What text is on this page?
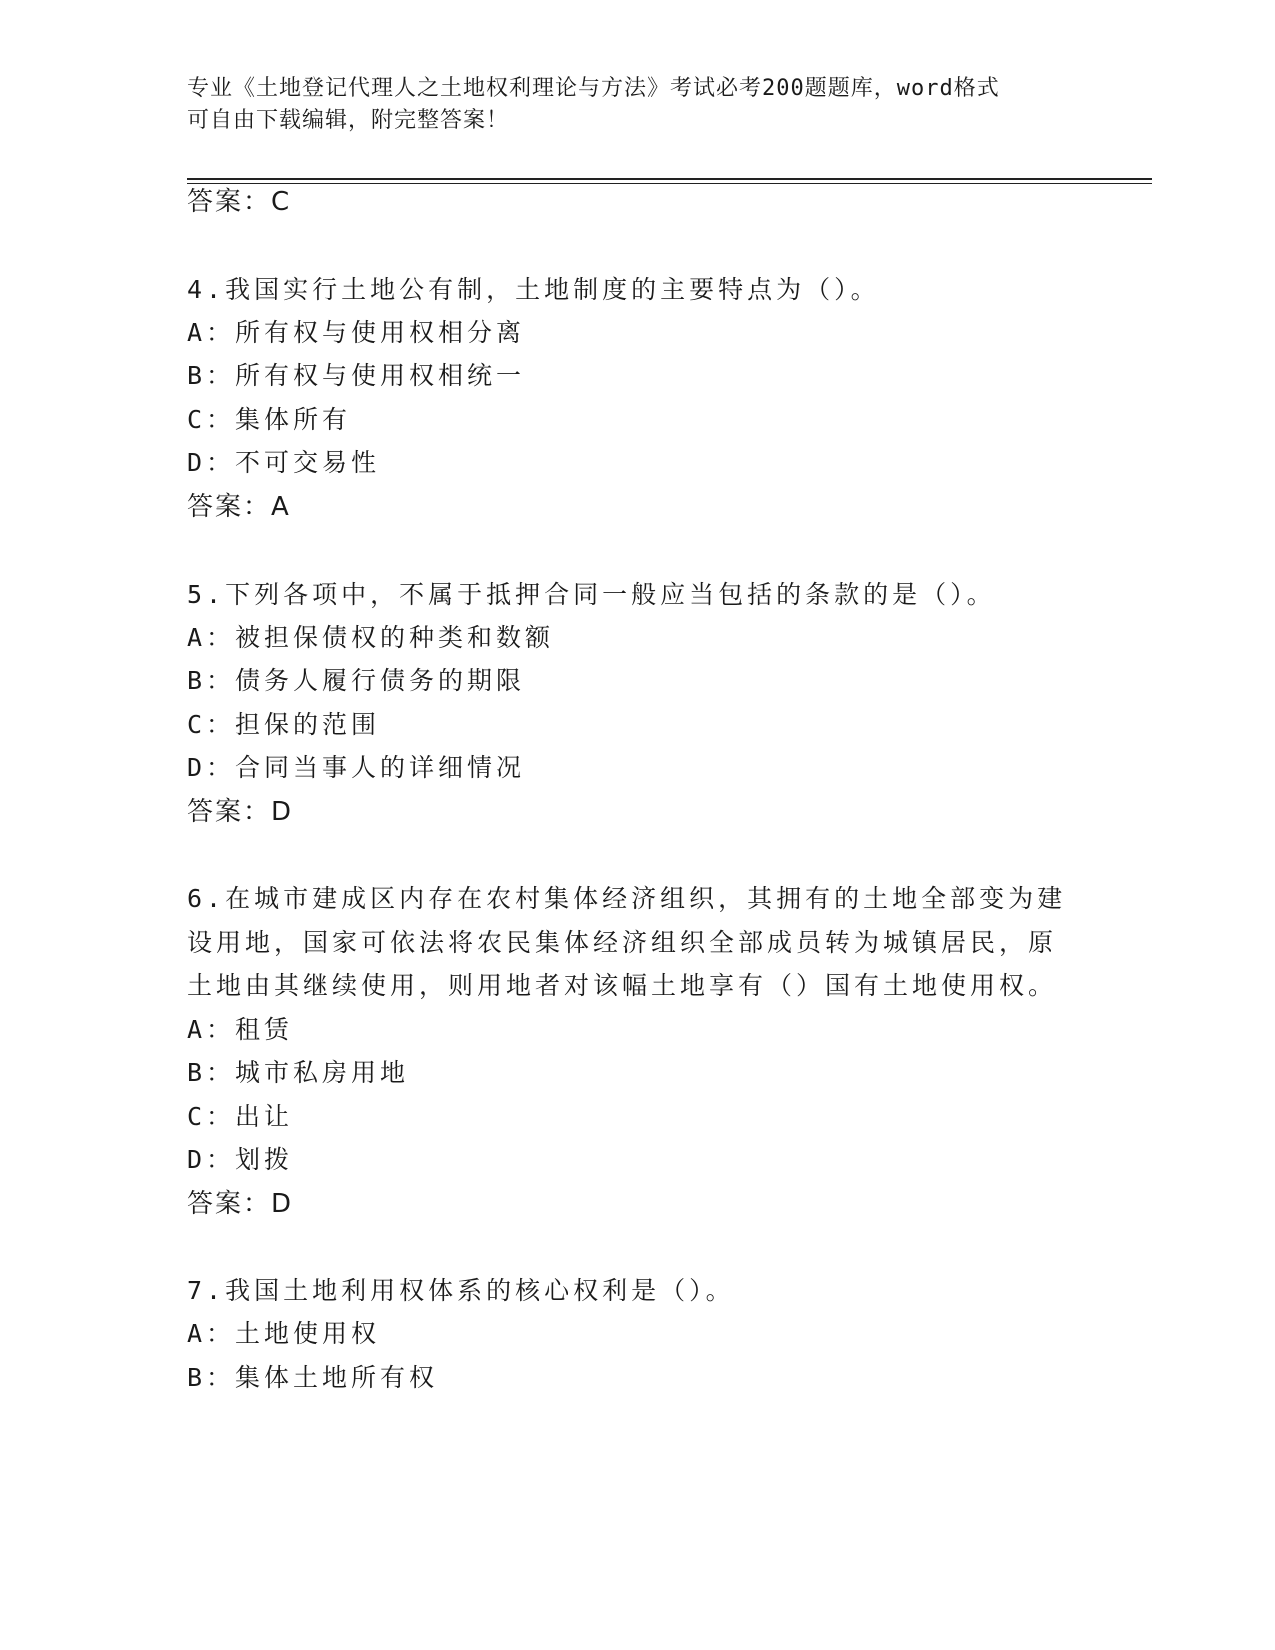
专业《土地登记代理人之土地权利理论与方法》考试必考200题题库，word格式
可自由下载编辑，附完整答案！
答案：C
4.我国实行土地公有制，土地制度的主要特点为（）。
A：所有权与使用权相分离
B：所有权与使用权相统一
C：集体所有
D：不可交易性
答案：A
5.下列各项中，不属于抵押合同一般应当包括的条款的是（）。
A：被担保债权的种类和数额
B：债务人履行债务的期限
C：担保的范围
D：合同当事人的详细情况
答案：D
6.在城市建成区内存在农村集体经济组织，其拥有的土地全部变为建
设用地，国家可依法将农民集体经济组织全部成员转为城镇居民，原
土地由其继续使用，则用地者对该幅土地享有（）国有土地使用权。
A：租赁
B：城市私房用地
C：出让
D：划拨
答案：D
7.我国土地利用权体系的核心权利是（）。
A：土地使用权
B：集体土地所有权
